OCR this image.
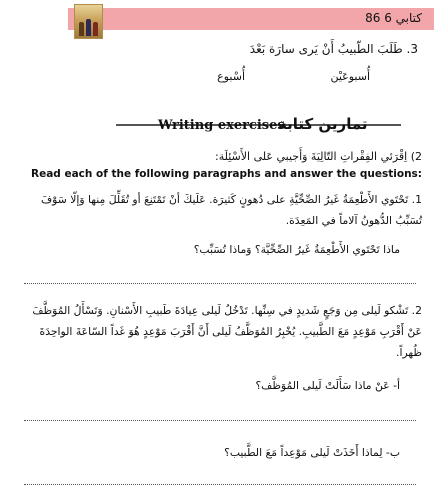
86 كتابي 6
3. طَلَبَ الطّبيبُ أَنْ يَرى سارَة بَعْدَ
أُسبوعَيْن
أُسْبوع
Writing exercises
تمارين كتابة
2) اِقْرَئي الفِقْراتِ التّالِيَةَ وَأَجيبي عَلى الأَسْئِلَة:
Read each of the following paragraphs and answer the questions:
1. تَحْتَوي الأَطْعِمَةُ غَيرُ الصِّحِّيَّةِ على دُهونٍ كَثيرَة. عَلَيكَ أنْ تَمْتَنِعَ أو تُقَلِّلَ مِنها وَإلّا سَوْفَ تُسَبِّبُ الدُّهونُ آلاماً في المَعِدَة.
ماذا تَحْتَوي الأَطْعِمَةُ غَيرُ الصِّحِّيَّة؟ وَماذا تُسَبِّب؟
2. تَشْكو لَيلى مِن وَجَعٍ شَديدٍ في سِنِّها. تَدْخُلُ لَيلى عِيادَةَ طَبيبِ الأَسْنانِ. وَتَسْأَلُ المُوَظَّفَ عَنْ أَقْرَبِ مَوْعِدٍ مَعَ الطَّبيبِ. يُخْبِرُ المُوَظَّفُ لَيلى أَنَّ أَقْرَبَ مَوْعِدٍ هُوَ غَداً السّاعَةَ الواحِدَةَ ظُهراً.
أ- عَنْ ماذا سَأَلَتْ لَيلى المُوَظَّف؟
ب- لِماذا أَخَذَتْ لَيلى مَوْعِداً مَعَ الطَّبيب؟
